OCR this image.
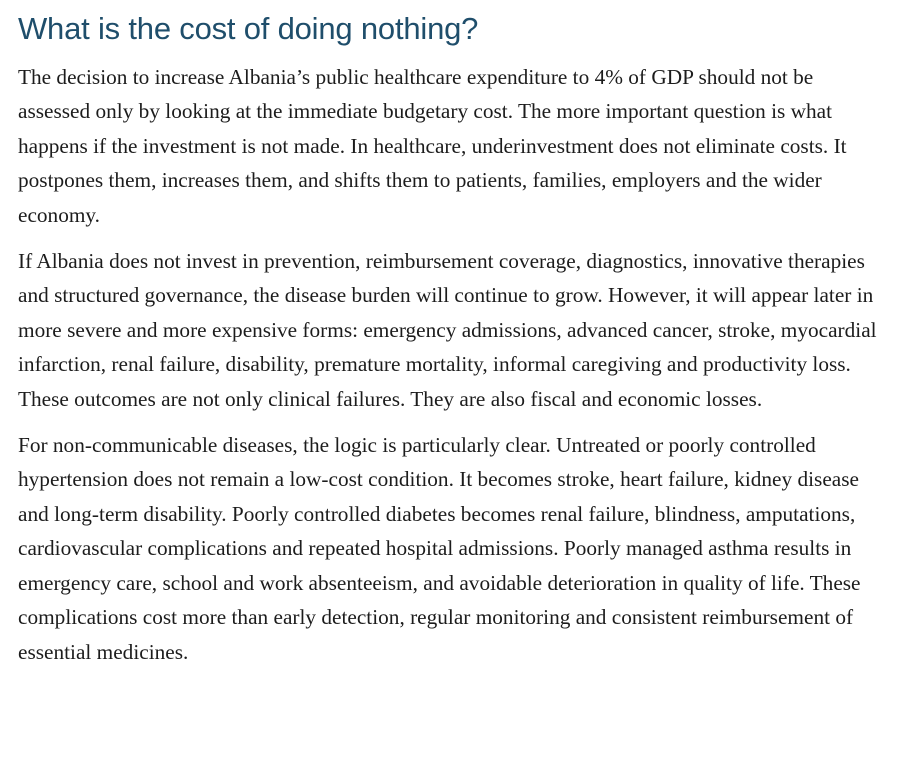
What is the cost of doing nothing?

The decision to increase Albania’s public healthcare expenditure to 4% of GDP should not be assessed only by looking at the immediate budgetary cost. The more important question is what happens if the investment is not made. In healthcare, underinvestment does not eliminate costs. It postpones them, increases them, and shifts them to patients, families, employers and the wider economy.

If Albania does not invest in prevention, reimbursement coverage, diagnostics, innovative therapies and structured governance, the disease burden will continue to grow. However, it will appear later in more severe and more expensive forms: emergency admissions, advanced cancer, stroke, myocardial infarction, renal failure, disability, premature mortality, informal caregiving and productivity loss. These outcomes are not only clinical failures. They are also fiscal and economic losses.

For non-communicable diseases, the logic is particularly clear. Untreated or poorly controlled hypertension does not remain a low-cost condition. It becomes stroke, heart failure, kidney disease and long-term disability. Poorly controlled diabetes becomes renal failure, blindness, amputations, cardiovascular complications and repeated hospital admissions. Poorly managed asthma results in emergency care, school and work absenteeism, and avoidable deterioration in quality of life. These complications cost more than early detection, regular monitoring and consistent reimbursement of essential medicines.
